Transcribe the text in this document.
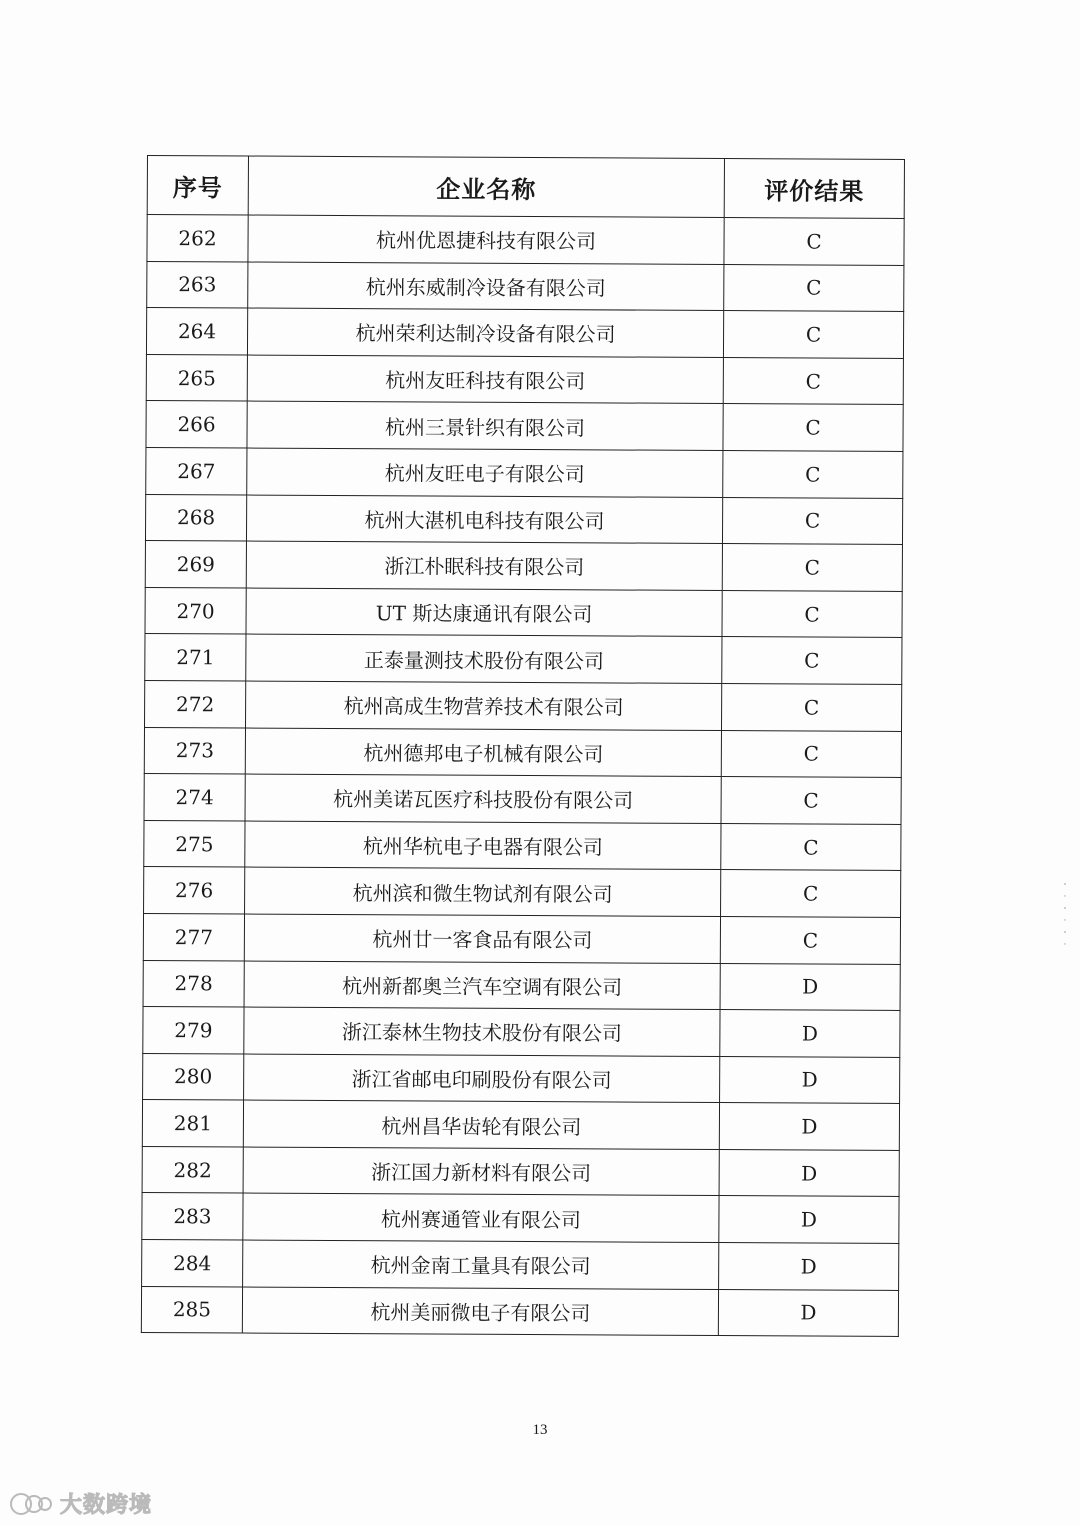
序号	企业名称	评价结果
262	杭州优恩捷科技有限公司	C
263	杭州东威制冷设备有限公司	C
264	杭州荣利达制冷设备有限公司	C
265	杭州友旺科技有限公司	C
266	杭州三景针织有限公司	C
267	杭州友旺电子有限公司	C
268	杭州大湛机电科技有限公司	C
269	浙江朴眠科技有限公司	C
270	UT 斯达康通讯有限公司	C
271	正泰量测技术股份有限公司	C
272	杭州高成生物营养技术有限公司	C
273	杭州德邦电子机械有限公司	C
274	杭州美诺瓦医疗科技股份有限公司	C
275	杭州华杭电子电器有限公司	C
276	杭州滨和微生物试剂有限公司	C
277	杭州廿一客食品有限公司	C
278	杭州新都奥兰汽车空调有限公司	D
279	浙江泰林生物技术股份有限公司	D
280	浙江省邮电印刷股份有限公司	D
281	杭州昌华齿轮有限公司	D
282	浙江国力新材料有限公司	D
283	杭州赛通管业有限公司	D
284	杭州金南工量具有限公司	D
285	杭州美丽微电子有限公司	D
13
大数跨境
